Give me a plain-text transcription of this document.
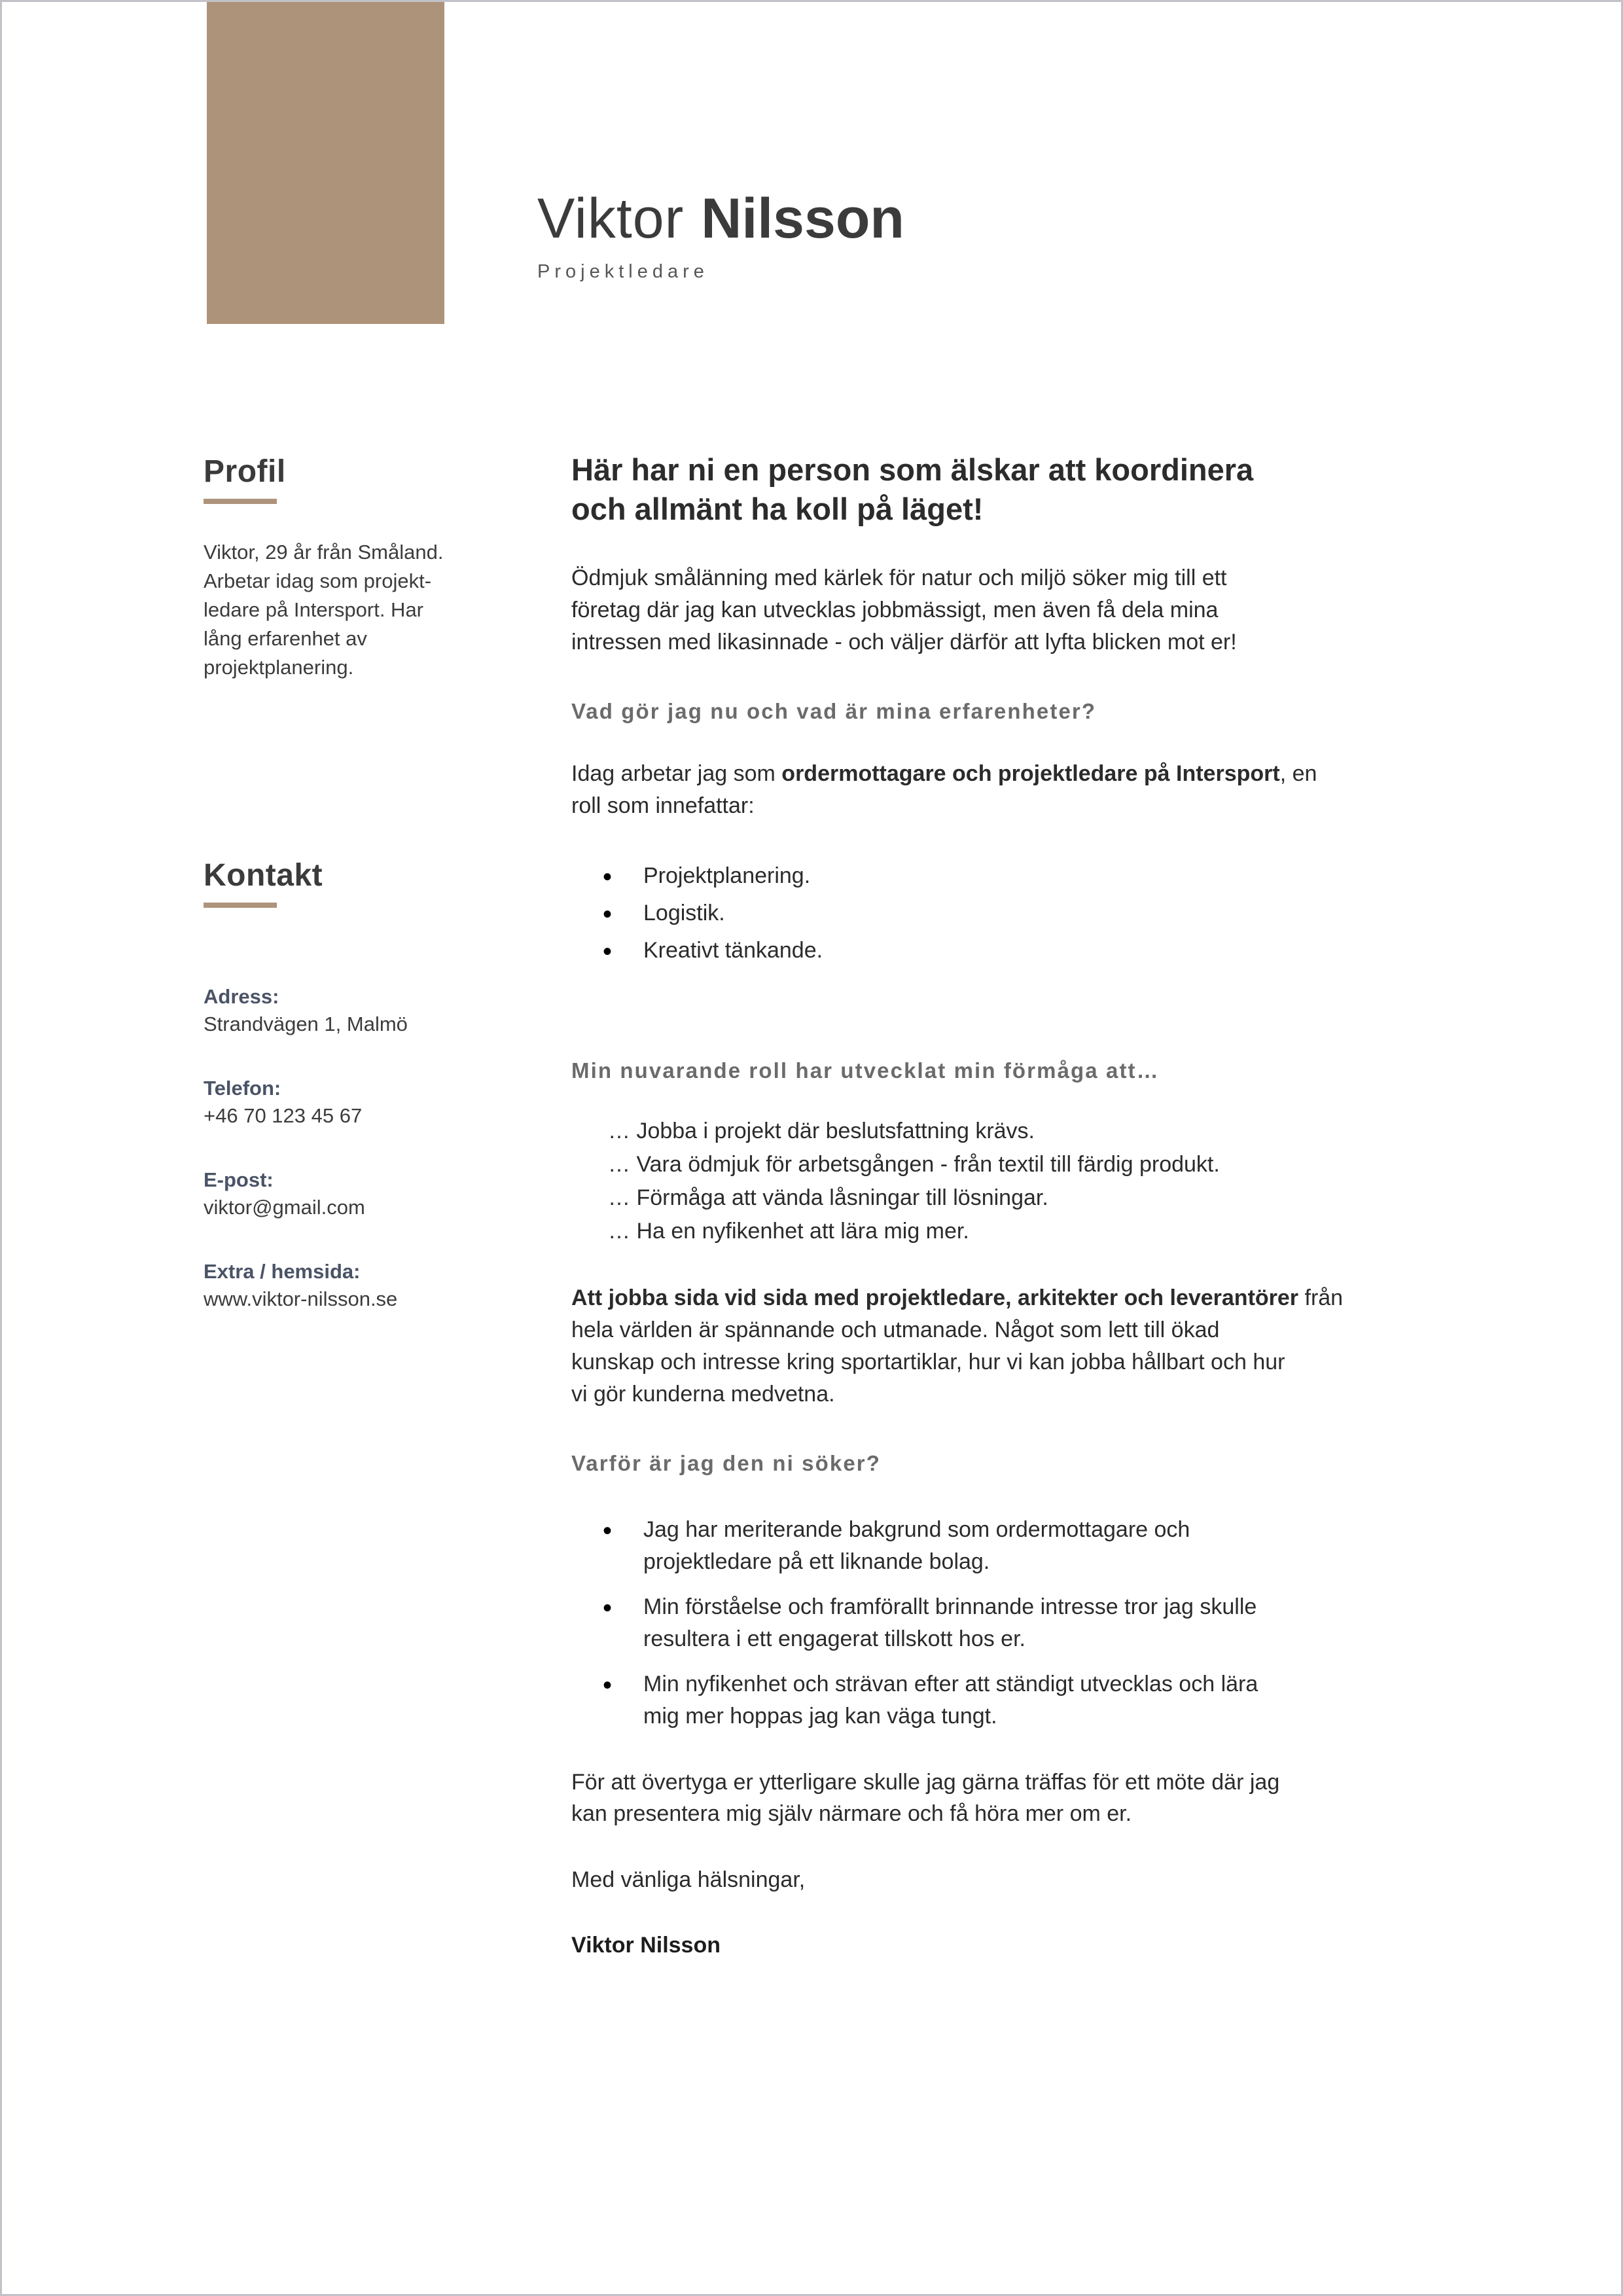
Viktor Nilsson
Projektledare
Profil

Viktor, 29 år från Småland.
Arbetar idag som projekt-
ledare på Intersport. Har
lång erfarenhet av
projektplanering.

Kontakt

Adress:

Strandvägen 1, Malmö

Telefon:

+46 70 123 45 67

E-post:

viktor@gmail.com

Extra / hemsida:

www.viktor-nilsson.se

Här har ni en person som älskar att koordinera
och allmänt ha koll på läget!

Ödmjuk smålänning med kärlek för natur och miljö söker mig till ett
företag där jag kan utvecklas jobbmässigt, men även få dela mina
intressen med likasinnade - och väljer därför att lyfta blicken mot er!

Vad gör jag nu och vad är mina erfarenheter?

Idag arbetar jag som ordermottagare och projektledare på Intersport, en
roll som innefattar:

• Projektplanering.
• Logistik.
• Kreativt tänkande.
Min nuvarande roll har utvecklat min förmåga att…
… Jobba i projekt där beslutsfattning krävs.
… Vara ödmjuk för arbetsgången - från textil till färdig produkt.
… Förmåga att vända låsningar till lösningar.
… Ha en nyfikenhet att lära mig mer.

Att jobba sida vid sida med projektledare, arkitekter och leverantörer från
hela världen är spännande och utmanade. Något som lett till ökad
kunskap och intresse kring sportartiklar, hur vi kan jobba hållbart och hur
vi gör kunderna medvetna.

Varför är jag den ni söker?
• Jag har meriterande bakgrund som ordermottagare och
projektledare på ett liknande bolag.
• Min förståelse och framförallt brinnande intresse tror jag skulle
resultera i ett engagerat tillskott hos er.
• Min nyfikenhet och strävan efter att ständigt utvecklas och lära
mig mer hoppas jag kan väga tungt.

För att övertyga er ytterligare skulle jag gärna träffas för ett möte där jag
kan presentera mig själv närmare och få höra mer om er.

Med vänliga hälsningar,

Viktor Nilsson
